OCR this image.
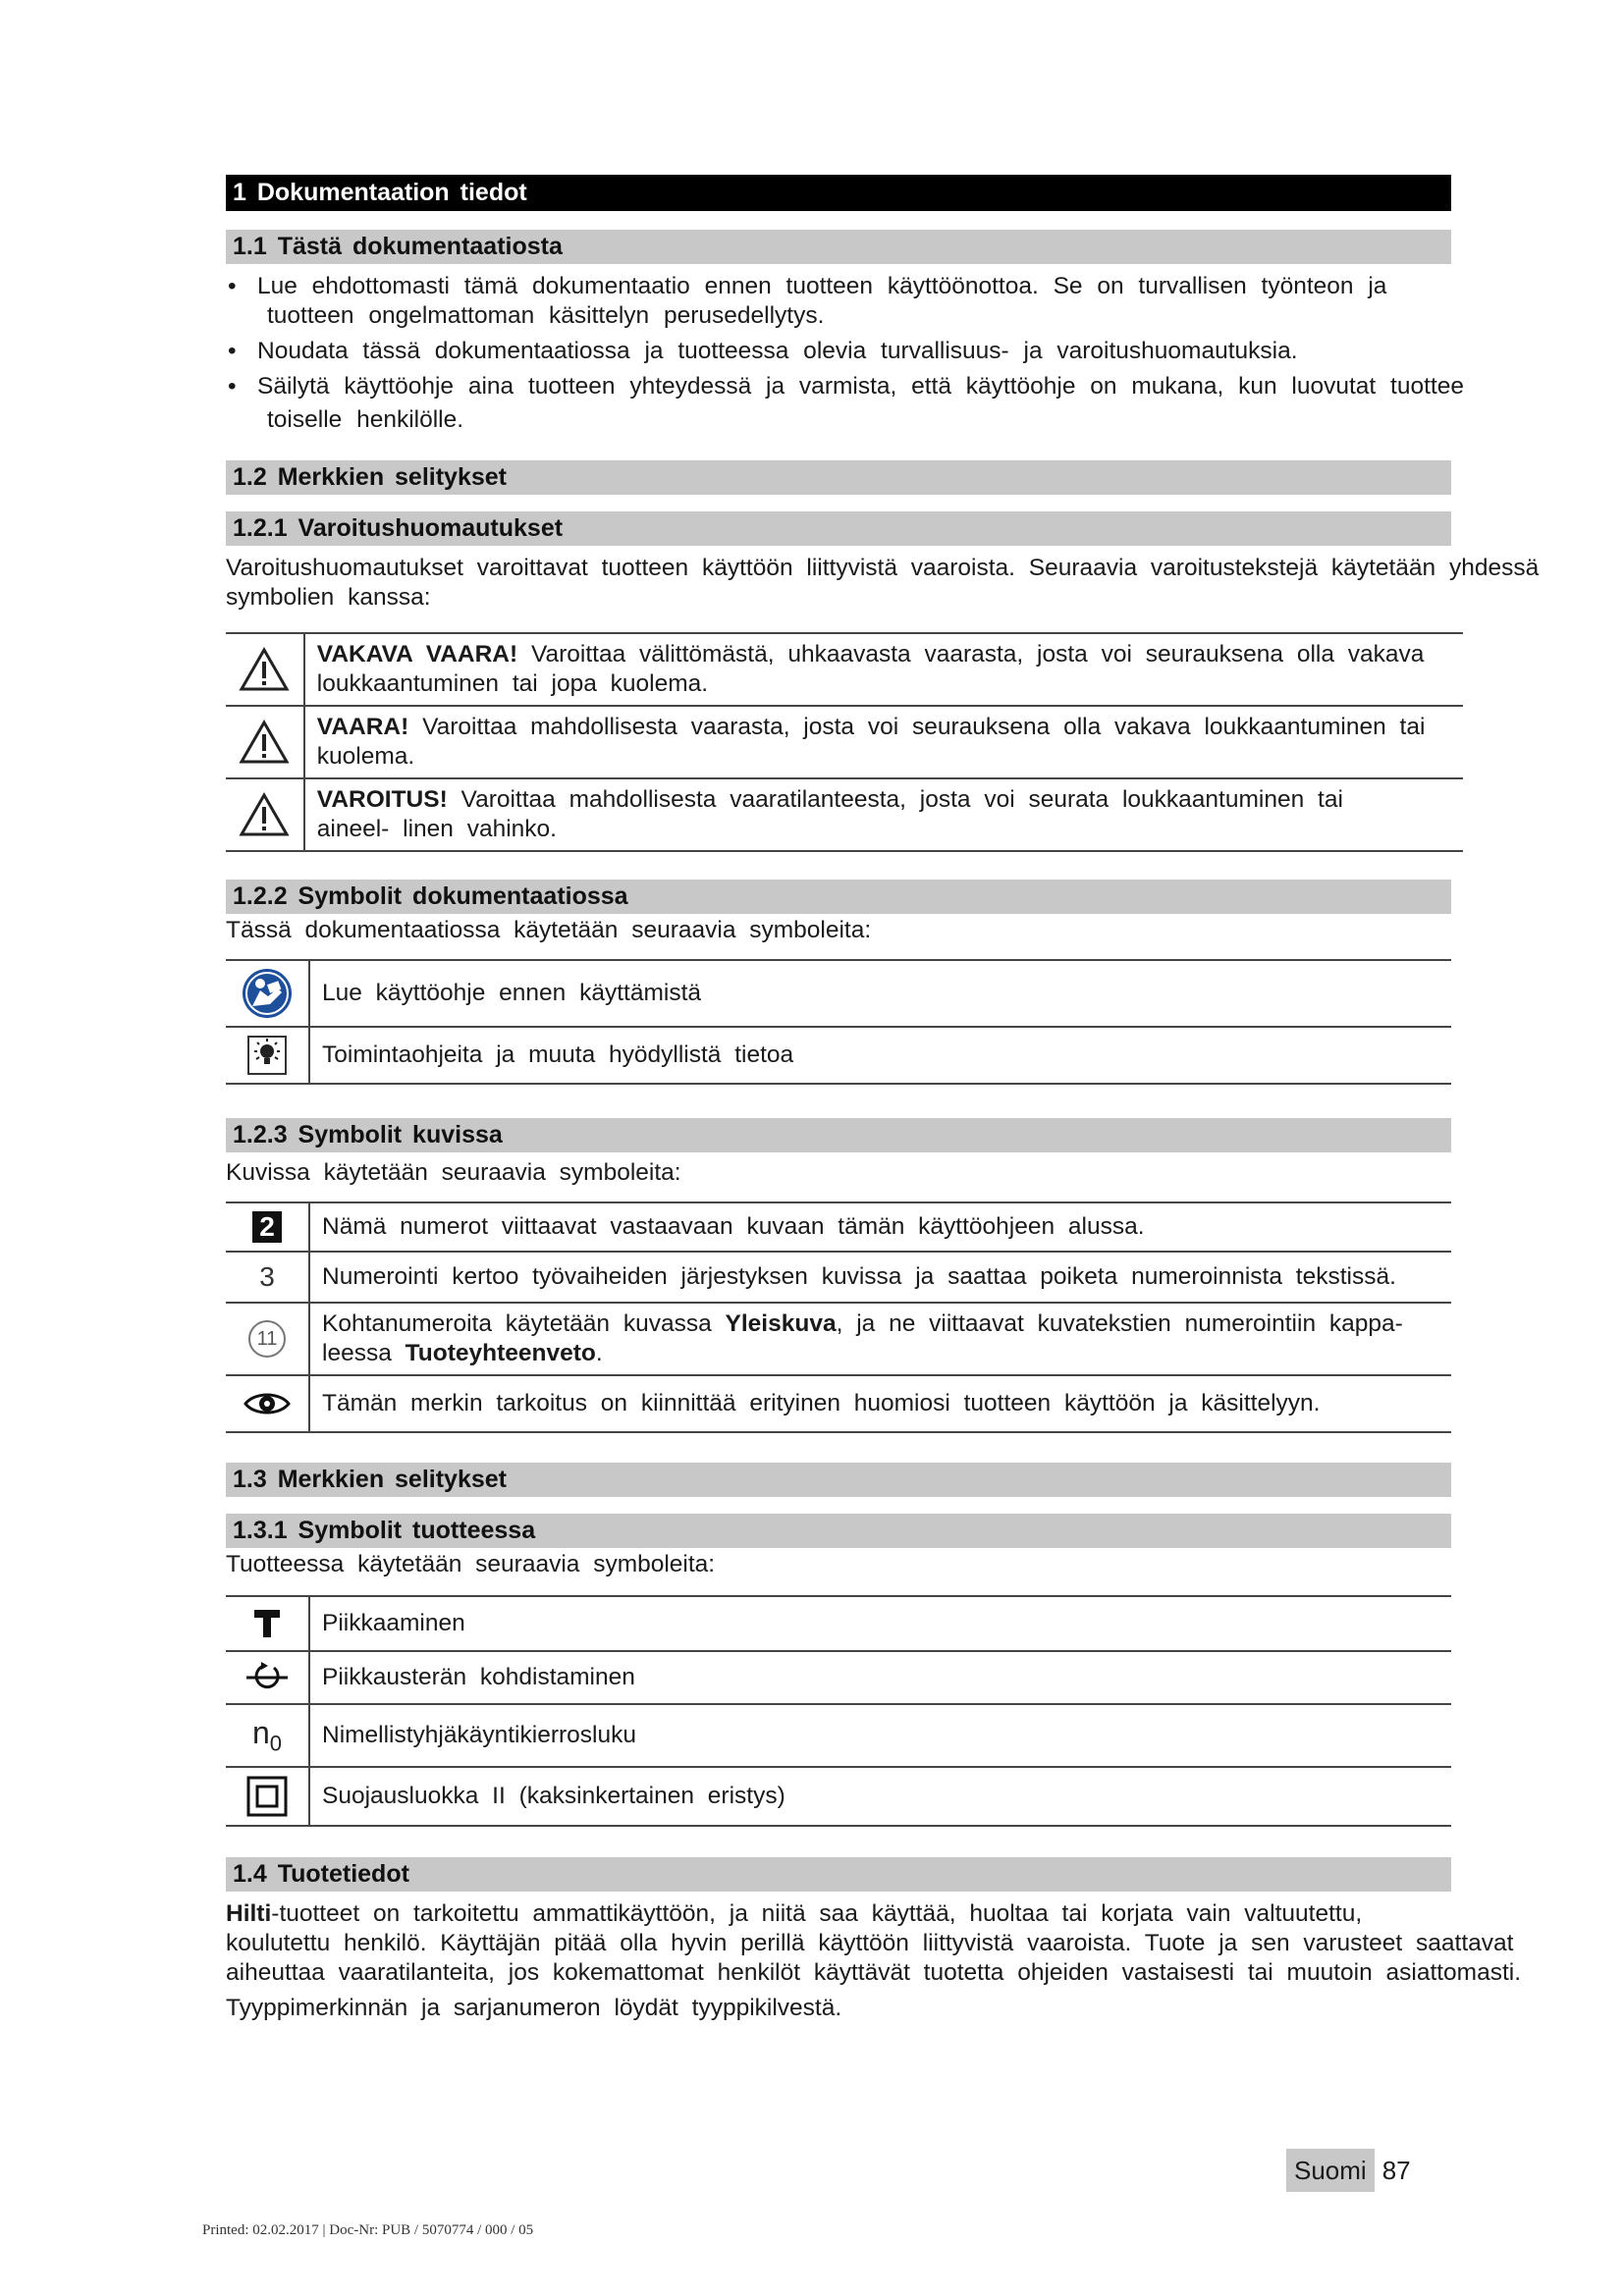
1 Dokumentaation tiedot
1.1 Tästä dokumentaatiosta
• Lue ehdottomasti tämä dokumentaatio ennen tuotteen käyttöönottoa. Se on turvallisen työnteon ja
tuotteen ongelmattoman käsittelyn perusedellytys.
• Noudata tässä dokumentaatiossa ja tuotteessa olevia turvallisuus- ja varoitushuomautuksia.
• Säilytä käyttöohje aina tuotteen yhteydessä ja varmista, että käyttöohje on mukana, kun luovutat tuottee
toiselle henkilölle.
1.2 Merkkien selitykset
1.2.1 Varoitushuomautukset

Varoitushuomautukset varoittavat tuotteen käyttöön liittyvistä vaaroista. Seuraavia varoitustekstejä käytetään yhdessä symbolien kanssa:

	VAKAVA VAARA! Varoittaa välittömästä, uhkaavasta vaarasta, josta voi seurauksena olla vakava loukkaantuminen tai jopa kuolema.

	VAARA! Varoittaa mahdollisesta vaarasta, josta voi seurauksena olla vakava loukkaantuminen tai kuolema.

	VAROITUS! Varoittaa mahdollisesta vaaratilanteesta, josta voi seurata loukkaantuminen tai aineel- linen vahinko.
1.2.2 Symbolit dokumentaatiossa

Tässä dokumentaatiossa käytetään seuraavia symboleita:

	Lue käyttöohje ennen käyttämistä

	Toimintaohjeita ja muuta hyödyllistä tietoa
1.2.3 Symbolit kuvissa

Kuvissa käytetään seuraavia symboleita:

2	Nämä numerot viittaavat vastaavaan kuvaan tämän käyttöohjeen alussa.
3	Numerointi kertoo työvaiheiden järjestyksen kuvissa ja saattaa poiketa numeroinnista tekstissä.
11	Kohtanumeroita käytetään kuvassa Yleiskuva, ja ne viittaavat kuvatekstien numerointiin kappa- leessa Tuoteyhteenveto.

	Tämän merkin tarkoitus on kiinnittää erityinen huomiosi tuotteen käyttöön ja käsittelyyn.
1.3 Merkkien selitykset
1.3.1 Symbolit tuotteessa

Tuotteessa käytetään seuraavia symboleita:

	Piikkaaminen

	Piikkausterän kohdistaminen
$n_0$	Nimellistyhjäkäyntikierrosluku

	Suojausluokka II (kaksinkertainen eristys)
1.4 Tuotetiedot

Hilti-tuotteet on tarkoitettu ammattikäyttöön, ja niitä saa käyttää, huoltaa tai korjata vain valtuutettu,
koulutettu henkilö. Käyttäjän pitää olla hyvin perillä käyttöön liittyvistä vaaroista. Tuote ja sen varusteet saattavat aiheuttaa vaaratilanteita, jos kokemattomat henkilöt käyttävät tuotetta ohjeiden vastaisesti tai muutoin asiattomasti.

Tyyppimerkinnän ja sarjanumeron löydät tyyppikilvestä.

Suomi 87
Printed: 02.02.2017 | Doc-Nr: PUB / 5070774 / 000 / 05
